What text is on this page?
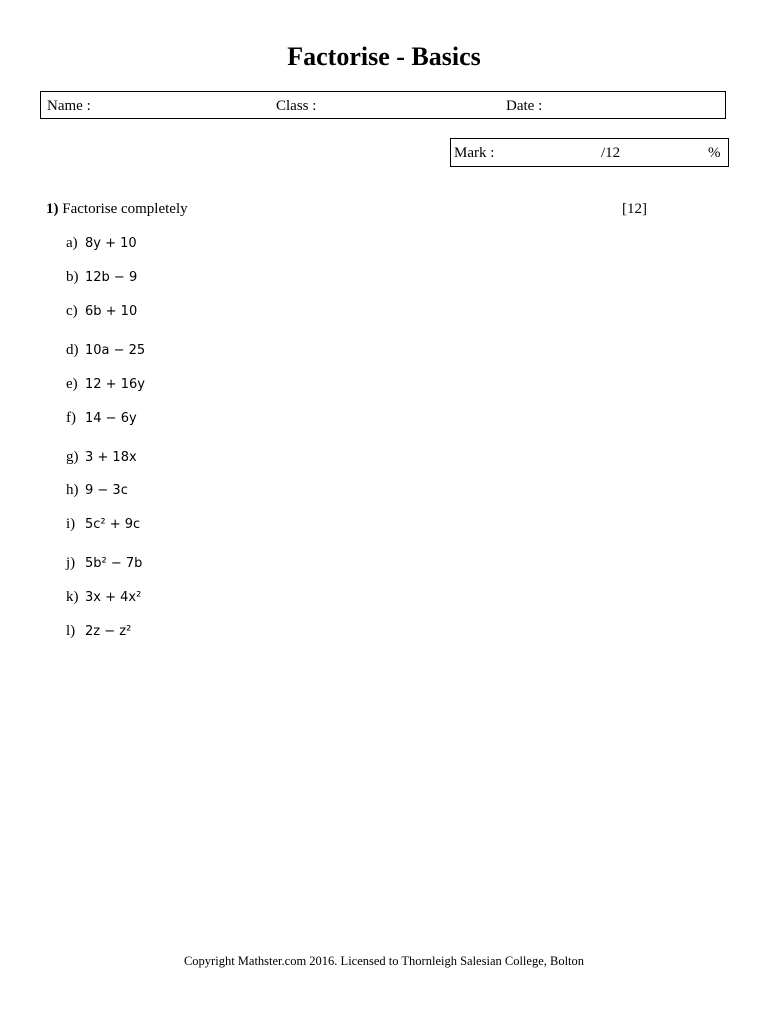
Factorise - Basics
Name :	Class :	Date :
Mark :	/12	%
1) Factorise completely	[12]
a) 8y + 10
b) 12b − 9
c) 6b + 10
d) 10a − 25
e) 12 + 16y
f) 14 − 6y
g) 3 + 18x
h) 9 − 3c
i) 5c² + 9c
j) 5b² − 7b
k) 3x + 4x²
l) 2z − z²
Copyright Mathster.com 2016. Licensed to Thornleigh Salesian College, Bolton
